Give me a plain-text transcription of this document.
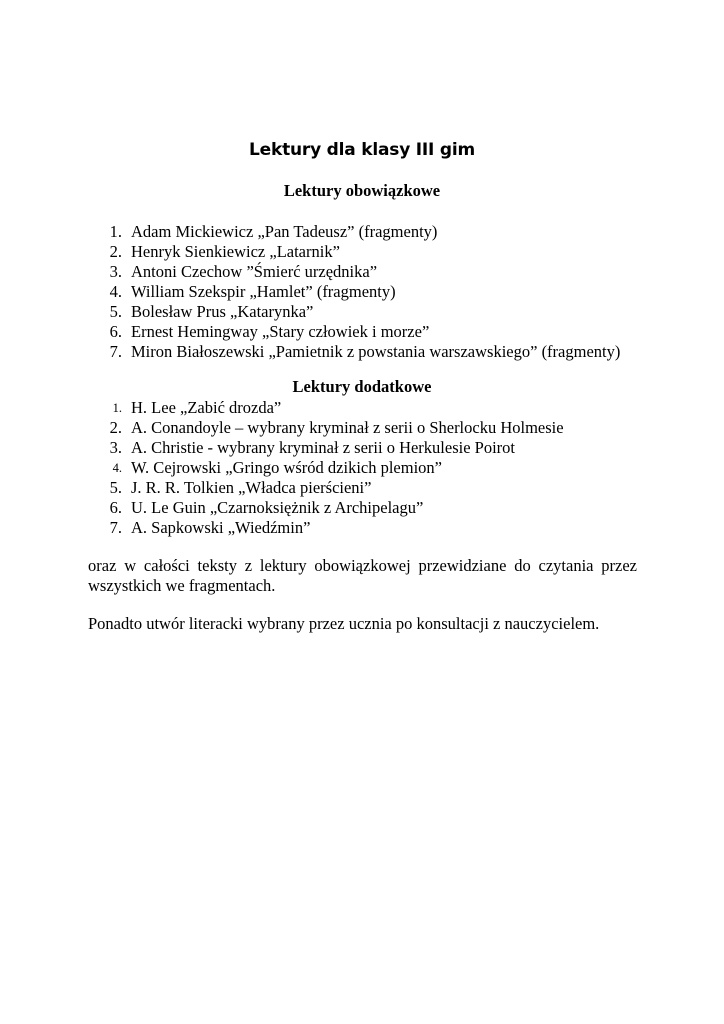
Lektury dla klasy III gim
Lektury obowiązkowe
1. Adam Mickiewicz „Pan Tadeusz” (fragmenty)
2. Henryk Sienkiewicz „Latarnik”
3. Antoni Czechow ”Śmierć urzędnika”
4. William Szekspir „Hamlet” (fragmenty)
5. Bolesław Prus „Katarynka”
6. Ernest Hemingway „Stary człowiek i morze”
7. Miron Białoszewski „Pamietnik z powstania warszawskiego” (fragmenty)
Lektury dodatkowe
1. H. Lee „Zabić drozda”
2. A. Conandoyle – wybrany kryminał z serii o Sherlocku Holmesie
3. A. Christie - wybrany kryminał z serii o Herkulesie Poirot
4. W. Cejrowski „Gringo wśród dzikich plemion”
5. J. R. R. Tolkien „Władca pierścieni”
6. U. Le Guin „Czarnoksiężnik z Archipelagu”
7. A. Sapkowski „Wiedźmin”

oraz w całości teksty z lektury obowiązkowej przewidziane do czytania przez wszystkich we fragmentach.

Ponadto utwór literacki wybrany przez ucznia po konsultacji z nauczycielem.
